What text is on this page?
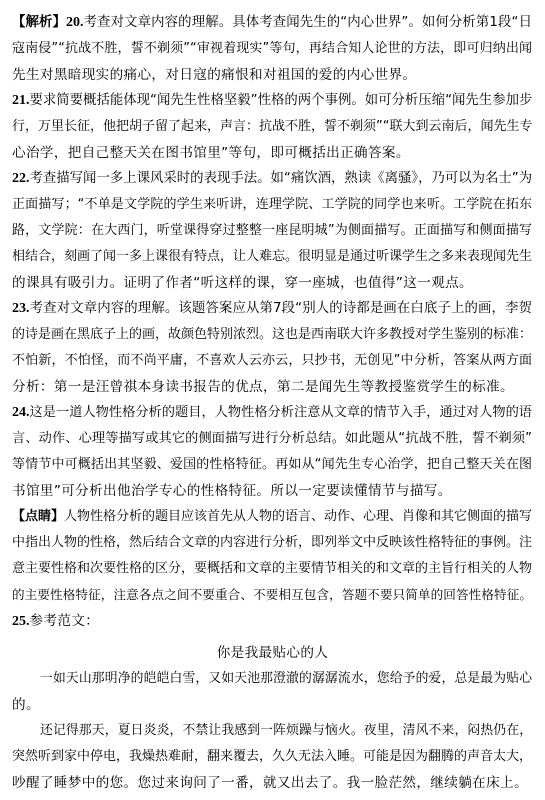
【解析】20.考查对文章内容的理解。具体考查闻先生的“内心世界”。如何分析第1段“日
寇南侵”“抗战不胜，誓不剃须”“审视着现实”等句，再结合知人论世的方法，即可归纳出闻
先生对黑暗现实的痛心，对日寇的痛恨和对祖国的爱的内心世界。
21.要求简要概括能体现“闻先生性格坚毅”性格的两个事例。如可分析压缩“闻先生参加步
行，万里长征，他把胡子留了起来，声言：抗战不胜，誓不剃须”“联大到云南后，闻先生专
心治学，把自己整天关在图书馆里”等句，即可概括出正确答案。
22.考查描写闻一多上课风采时的表现手法。如“痛饮酒，熟读《离骚》，乃可以为名士”为
正面描写；“不单是文学院的学生来听讲，连理学院、工学院的同学也来听。工学院在拓东
路，文学院：在大西门，听堂课得穿过整整一座昆明城”为侧面描写。正面描写和侧面描写
相结合，刻画了闻一多上课很有特点，让人难忘。很明显是通过听课学生之多来表现闻先生
的课具有吸引力。证明了作者“听这样的课，穿一座城，也值得”这一观点。
23.考查对文章内容的理解。该题答案应从第7段“别人的诗都是画在白底子上的画，李贺
的诗是画在黑底子上的画，故颜色特别浓烈。这也是西南联大许多教授对学生鉴别的标准：
不怕新，不怕怪，而不尚平庸，不喜欢人云亦云，只抄书，无创见”中分析，答案从两方面
分析：第一是汪曾祺本身读书报告的优点，第二是闻先生等教授鉴赏学生的标准。
24.这是一道人物性格分析的题目，人物性格分析注意从文章的情节入手，通过对人物的语
言、动作、心理等描写或其它的侧面描写进行分析总结。如此题从“抗战不胜，誓不剃须”
等情节中可概括出其坚毅、爱国的性格特征。再如从“闻先生专心治学，把自己整天关在图
书馆里”可分析出他治学专心的性格特征。所以一定要读懂情节与描写。
【点睛】人物性格分析的题目应该首先从人物的语言、动作、心理、肖像和其它侧面的描写
中指出人物的性格，然后结合文章的内容进行分析，即列举文中反映该性格特征的事例。注
意主要性格和次要性格的区分，要概括和文章的主要情节相关的和文章的主旨行相关的人物
的主要性格特征，注意各点之间不要重合、不要相互包含，答题不要只简单的回答性格特征。
25.参考范文：
你是我最贴心的人
一如天山那明净的皑皑白雪，又如天池那澄澈的潺潺流水，您给予的爱，总是最为贴心
的。
还记得那天，夏日炎炎，不禁让我感到一阵烦躁与恼火。夜里，清风不来，闷热仍在，
突然听到家中停电，我燥热难耐，翻来覆去，久久无法入睡。可能是因为翻腾的声音太大，
吵醒了睡梦中的您。您过来询问了一番，就又出去了。我一脸茫然，继续躺在床上。
